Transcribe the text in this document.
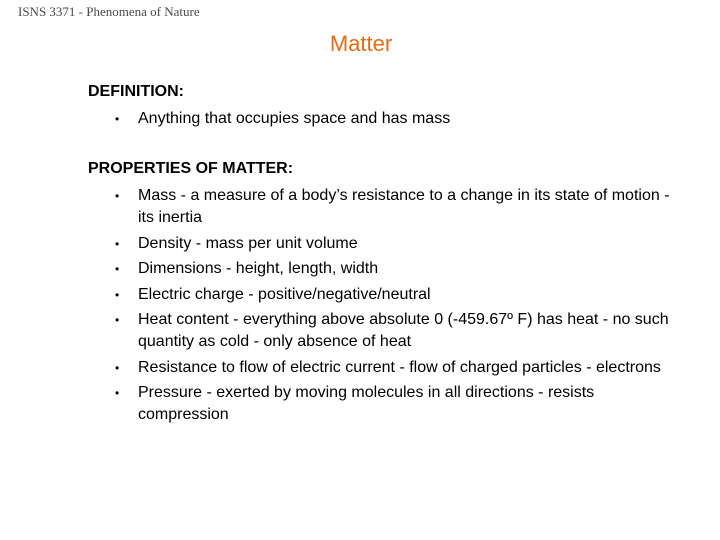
ISNS 3371 - Phenomena of Nature
Matter
DEFINITION:
•	Anything that occupies space and has mass
PROPERTIES OF MATTER:
•	Mass - a measure of a body’s resistance to a change in its state of motion - its inertia
•	Density - mass per unit volume
•	Dimensions - height, length, width
•	Electric charge - positive/negative/neutral
•	Heat content - everything above absolute 0 (-459.67º F) has heat - no such quantity as cold - only absence of heat
•	Resistance to flow of electric current - flow of charged particles - electrons
•	Pressure - exerted by moving molecules in all directions - resists compression
